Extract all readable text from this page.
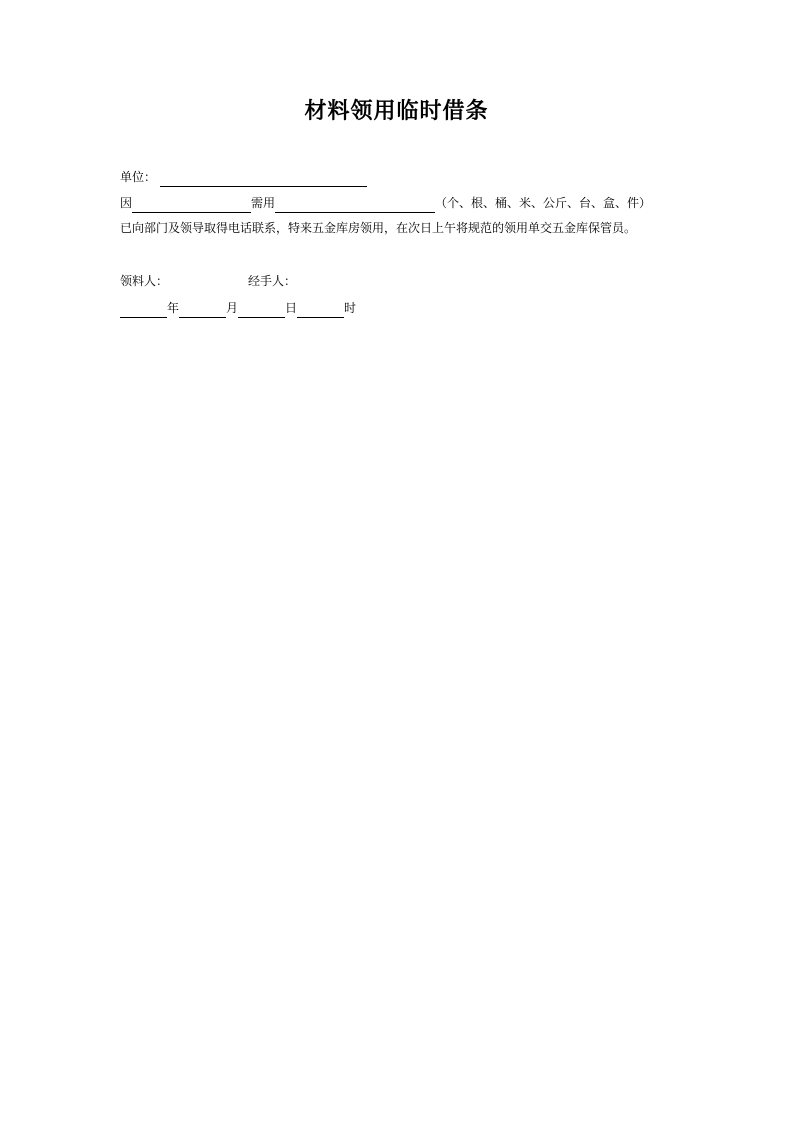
材料领用临时借条
单位：
因	需用	（个、根、桶、米、公斤、台、盒、件）
已向部门及领导取得电话联系，特来五金库房领用，在次日上午将规范的领用单交五金库保管员。
领料人：	经手人：
年	月	日	时
